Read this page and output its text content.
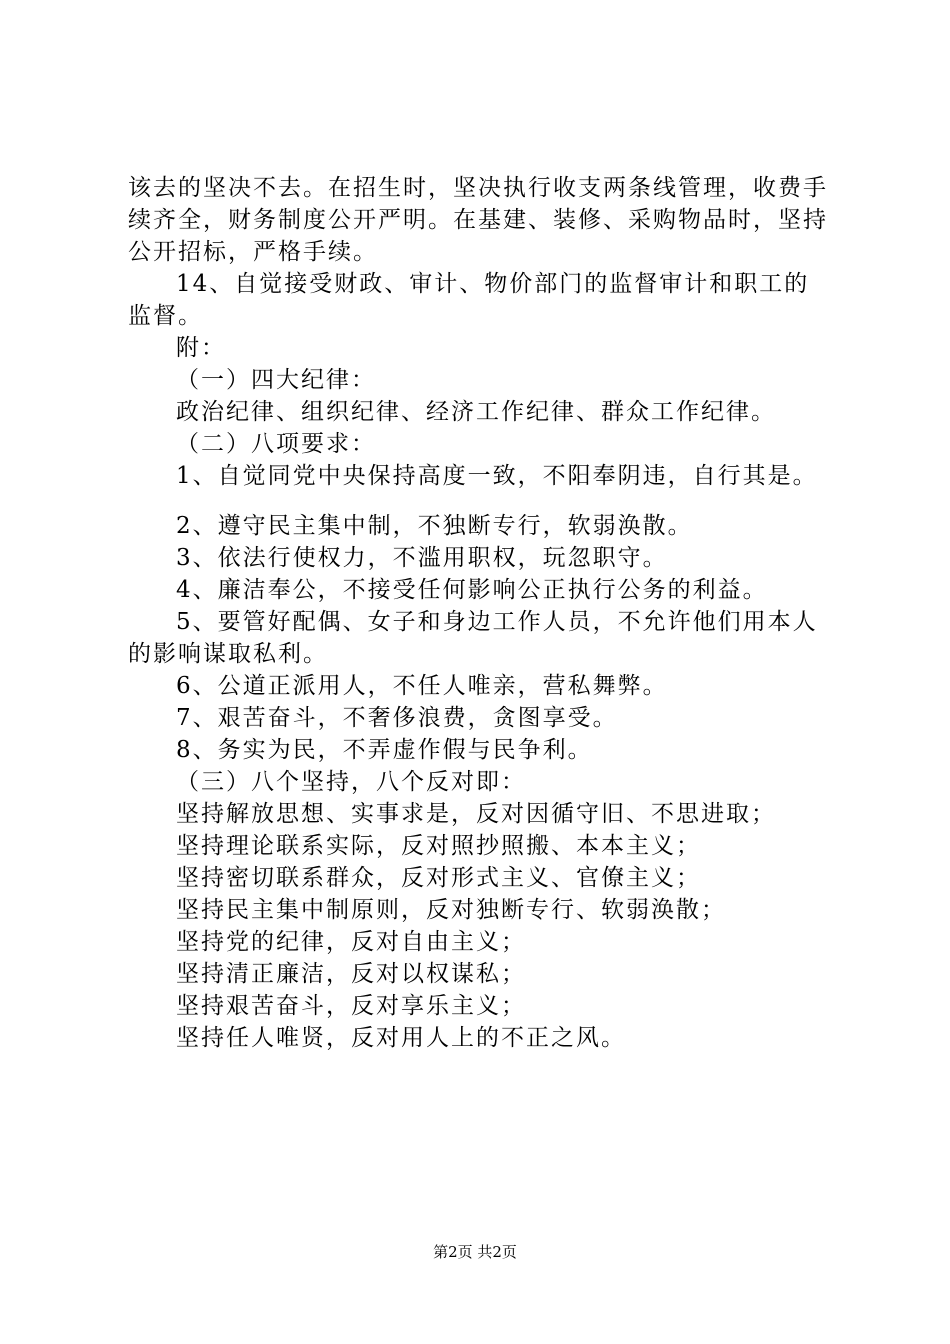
该去的坚决不去。在招生时，坚决执行收支两条线管理，收费手续齐全，财务制度公开严明。在基建、装修、采购物品时，坚持公开招标，严格手续。

14、自觉接受财政、审计、物价部门的监督审计和职工的监督。

附：

（一）四大纪律：

政治纪律、组织纪律、经济工作纪律、群众工作纪律。

（二）八项要求：

1、自觉同党中央保持高度一致，不阳奉阴违，自行其是。

2、遵守民主集中制，不独断专行，软弱涣散。

3、依法行使权力，不滥用职权，玩忽职守。

4、廉洁奉公，不接受任何影响公正执行公务的利益。

5、要管好配偶、女子和身边工作人员，不允许他们用本人的影响谋取私利。

6、公道正派用人，不任人唯亲，营私舞弊。

7、艰苦奋斗，不奢侈浪费，贪图享受。

8、务实为民，不弄虚作假与民争利。

（三）八个坚持，八个反对即：

坚持解放思想、实事求是，反对因循守旧、不思进取；

坚持理论联系实际，反对照抄照搬、本本主义；

坚持密切联系群众，反对形式主义、官僚主义；

坚持民主集中制原则，反对独断专行、软弱涣散；

坚持党的纪律，反对自由主义；

坚持清正廉洁，反对以权谋私；

坚持艰苦奋斗，反对享乐主义；

坚持任人唯贤，反对用人上的不正之风。

第2页 共2页
